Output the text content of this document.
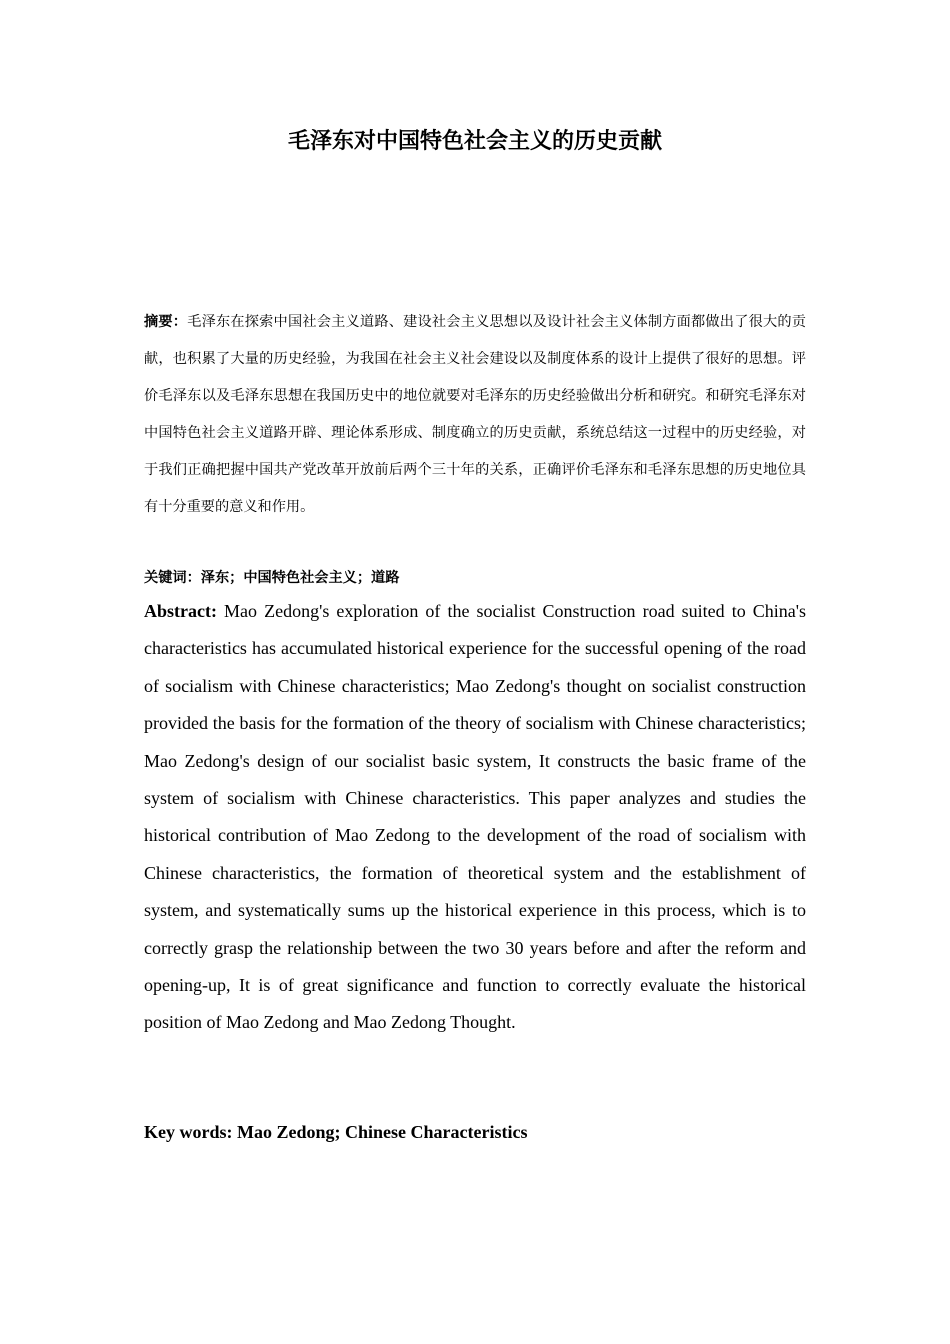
毛泽东对中国特色社会主义的历史贡献

摘要：毛泽东在探索中国社会主义道路、建设社会主义思想以及设计社会主义体制方面都做出了很大的贡献，也积累了大量的历史经验，为我国在社会主义社会建设以及制度体系的设计上提供了很好的思想。评价毛泽东以及毛泽东思想在我国历史中的地位就要对毛泽东的历史经验做出分析和研究。和研究毛泽东对中国特色社会主义道路开辟、理论体系形成、制度确立的历史贡献，系统总结这一过程中的历史经验，对于我们正确把握中国共产党改革开放前后两个三十年的关系，正确评价毛泽东和毛泽东思想的历史地位具有十分重要的意义和作用。

关键词：泽东；中国特色社会主义；道路

Abstract: Mao Zedong's exploration of the socialist Construction road suited to China's characteristics has accumulated historical experience for the successful opening of the road of socialism with Chinese characteristics; Mao Zedong's thought on socialist construction provided the basis for the formation of the theory of socialism with Chinese characteristics; Mao Zedong's design of our socialist basic system, It constructs the basic frame of the system of socialism with Chinese characteristics. This paper analyzes and studies the historical contribution of Mao Zedong to the development of the road of socialism with Chinese characteristics, the formation of theoretical system and the establishment of system, and systematically sums up the historical experience in this process, which is to correctly grasp the relationship between the two 30 years before and after the reform and opening-up, It is of great significance and function to correctly evaluate the historical position of Mao Zedong and Mao Zedong Thought.

Key words: Mao Zedong; Chinese Characteristics
